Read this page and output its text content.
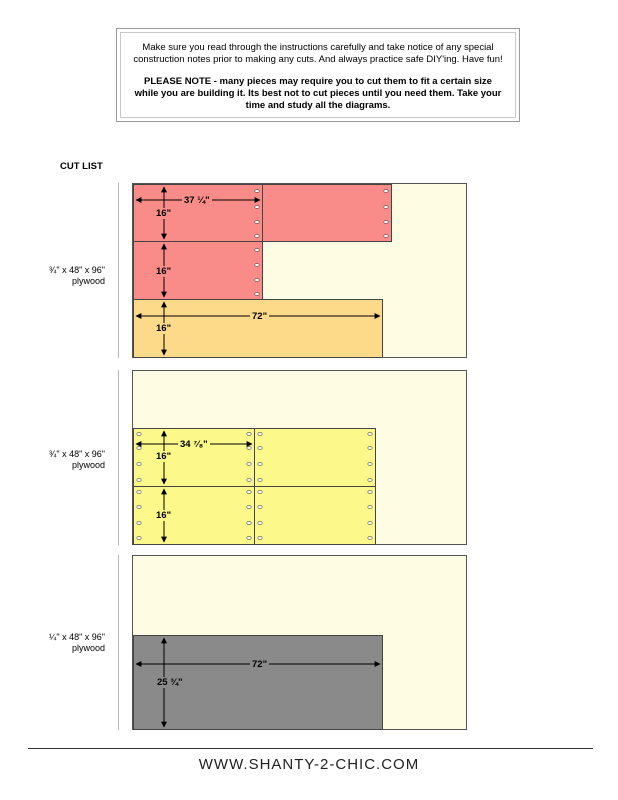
Make sure you read through the instructions carefully and take notice of any special construction notes prior to making any cuts. And always practice safe DIY'ing. Have fun!

PLEASE NOTE - many pieces may require you to cut them to fit a certain size while you are building it. Its best not to cut pieces until you need them. Take your time and study all the diagrams.

CUT LIST
¾" x 48" x 96"
plywood
¾" x 48" x 96"
plywood
¼" x 48" x 96"
plywood
37 ¼"
16"
16"
72"
16"
34 ⁷⁄₈"
16"
16"
72"
25 ¾"
WWW.SHANTY-2-CHIC.COM
